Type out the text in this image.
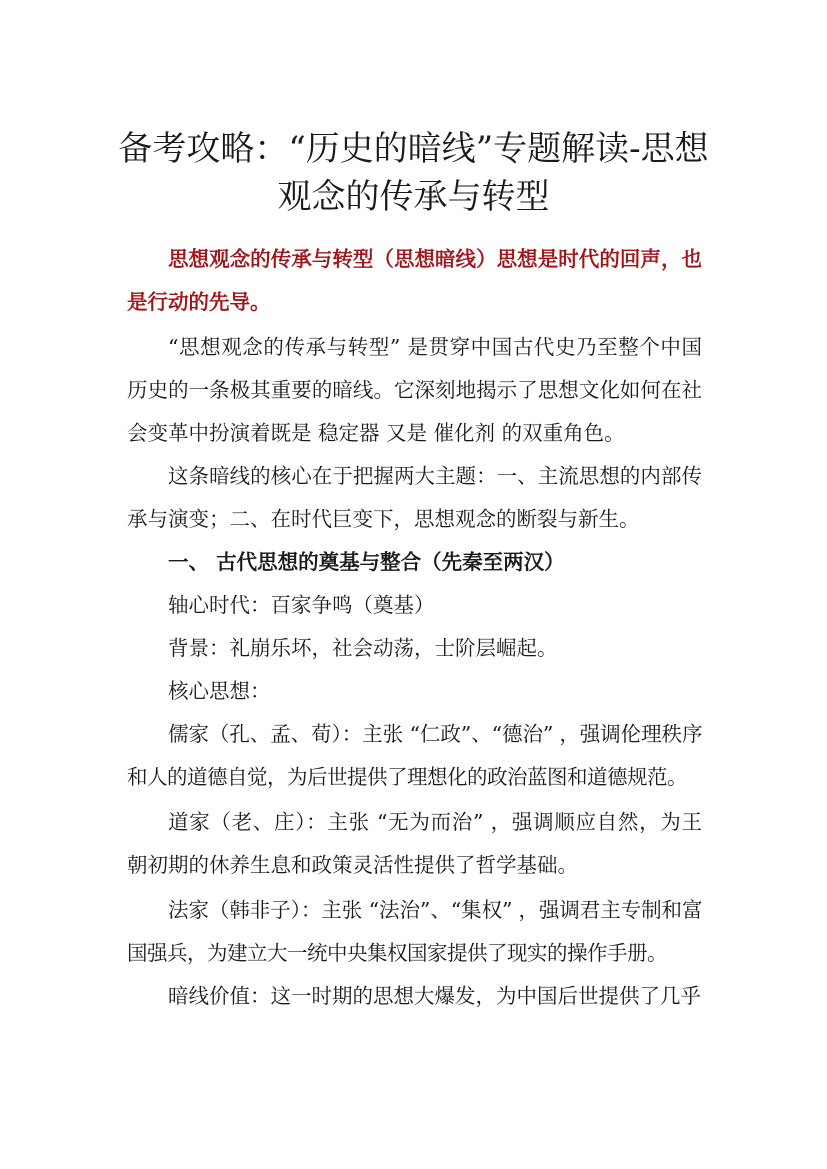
备考攻略：“历史的暗线”专题解读-思想观念的传承与转型

思想观念的传承与转型（思想暗线）思想是时代的回声，也是行动的先导。

“思想观念的传承与转型” 是贯穿中国古代史乃至整个中国历史的一条极其重要的暗线。它深刻地揭示了思想文化如何在社会变革中扮演着既是 稳定器 又是 催化剂 的双重角色。

这条暗线的核心在于把握两大主题：一、主流思想的内部传承与演变；二、在时代巨变下，思想观念的断裂与新生。

一、 古代思想的奠基与整合（先秦至两汉）

轴心时代：百家争鸣（奠基）

背景：礼崩乐坏，社会动荡，士阶层崛起。

核心思想：

儒家（孔、孟、荀）：主张 “仁政”、“德治” ，强调伦理秩序和人的道德自觉，为后世提供了理想化的政治蓝图和道德规范。

道家（老、庄）：主张 “无为而治” ，强调顺应自然，为王朝初期的休养生息和政策灵活性提供了哲学基础。

法家（韩非子）：主张 “法治”、“集权” ，强调君主专制和富国强兵，为建立大一统中央集权国家提供了现实的操作手册。

暗线价值：这一时期的思想大爆发，为中国后世提供了几乎
